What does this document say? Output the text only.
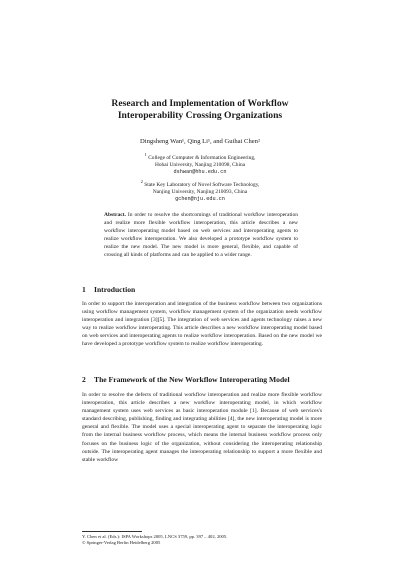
Research and Implementation of Workflow
Interoperability Crossing Organizations
Dingsheng Wan¹, Qing Li¹, and Guihai Chen²
$^1$ College of Computer & Information Engineering,
Hohai University, Nanjing 210098, China
dshwan@hhu.edu.cn
$^2$ State Key Laboratory of Novel Software Technology,
Nanjing University, Nanjing 210093, China
gchen@nju.edu.cn
Abstract. In order to resolve the shortcomings of traditional workflow interoperation and realize more flexible workflow interoperation, this article describes a new workflow interoperating model based on web services and interoperating agents to realize workflow interoperation. We also developed a prototype workflow system to realize the new model. The new model is more general, flexible, and capable of crossing all kinds of platforms and can be applied to a wider range.
1 Introduction
In order to support the interoperation and integration of the business workflow between two organizations using workflow management system, workflow management system of the organization needs workflow interoperation and integration [3][5]. The integration of web services and agents technology raises a new way to realize workflow interoperating. This article describes a new workflow interoperating model based on web services and interoperating agents to realize workflow interoperation. Based on the new model we have developed a prototype workflow system to realize workflow interoperating.
2 The Framework of the New Workflow Interoperating Model
In order to resolve the defects of traditional workflow interoperation and realize more flexible workflow interoperation, this article describes a new workflow interoperating model, in which workflow management system uses web services as basic interoperation module [1]. Because of web services's standard describing, publishing, finding and integrating abilities [4], the new interoperating model is more general and flexible. The model uses a special interoperating agent to separate the interoperating logic from the internal business workflow process, which means the internal business workflow process only focuses on the business logic of the organization, without considering the interoperating relationship outside. The interoperating agent manages the interoperating relationship to support a more flexible and stable workflow
Y. Chen et al. (Eds.): ISPA Workshops 2005, LNCS 3759, pp. 397 – 402, 2005.
© Springer-Verlag Berlin Heidelberg 2005
